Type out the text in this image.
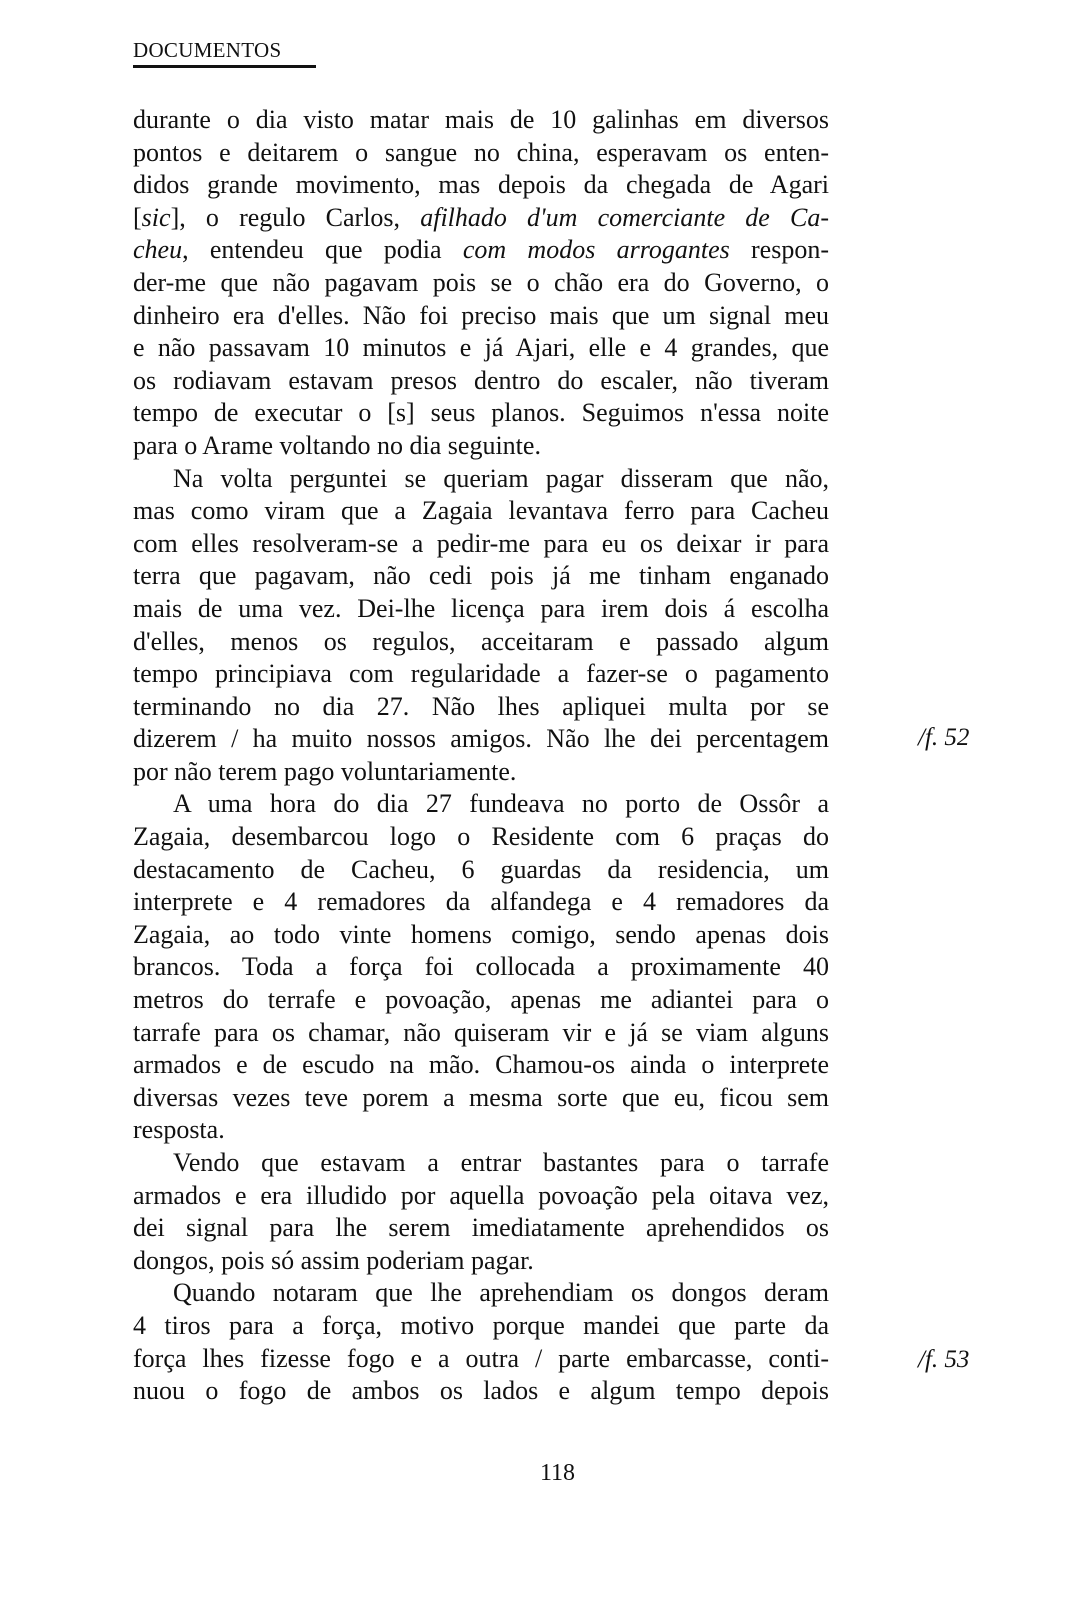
DOCUMENTOS
durante o dia visto matar mais de 10 galinhas em diversos
pontos e deitarem o sangue no china, esperavam os enten-
didos grande movimento, mas depois da chegada de Agari
[sic], o regulo Carlos, afilhado d'um comerciante de Ca-
cheu, entendeu que podia com modos arrogantes respon-
der-me que não pagavam pois se o chão era do Governo, o
dinheiro era d'elles. Não foi preciso mais que um signal meu
e não passavam 10 minutos e já Ajari, elle e 4 grandes, que
os rodiavam estavam presos dentro do escaler, não tiveram
tempo de executar o [s] seus planos. Seguimos n'essa noite
para o Arame voltando no dia seguinte.
Na volta perguntei se queriam pagar disseram que não,
mas como viram que a Zagaia levantava ferro para Cacheu
com elles resolveram-se a pedir-me para eu os deixar ir para
terra que pagavam, não cedi pois já me tinham enganado
mais de uma vez. Dei-lhe licença para irem dois á escolha
d'elles, menos os regulos, acceitaram e passado algum
tempo principiava com regularidade a fazer-se o pagamento
terminando no dia 27. Não lhes apliquei multa por se
dizerem / ha muito nossos amigos. Não lhe dei percentagem
por não terem pago voluntariamente.
A uma hora do dia 27 fundeava no porto de Ossôr a
Zagaia, desembarcou logo o Residente com 6 praças do
destacamento de Cacheu, 6 guardas da residencia, um
interprete e 4 remadores da alfandega e 4 remadores da
Zagaia, ao todo vinte homens comigo, sendo apenas dois
brancos. Toda a força foi collocada a proximamente 40
metros do terrafe e povoação, apenas me adiantei para o
tarrafe para os chamar, não quiseram vir e já se viam alguns
armados e de escudo na mão. Chamou-os ainda o interprete
diversas vezes teve porem a mesma sorte que eu, ficou sem
resposta.
Vendo que estavam a entrar bastantes para o tarrafe
armados e era illudido por aquella povoação pela oitava vez,
dei signal para lhe serem imediatamente aprehendidos os
dongos, pois só assim poderiam pagar.
Quando notaram que lhe aprehendiam os dongos deram
4 tiros para a força, motivo porque mandei que parte da
força lhes fizesse fogo e a outra / parte embarcasse, conti-
nuou o fogo de ambos os lados e algum tempo depois
/f. 52
/f. 53
118
